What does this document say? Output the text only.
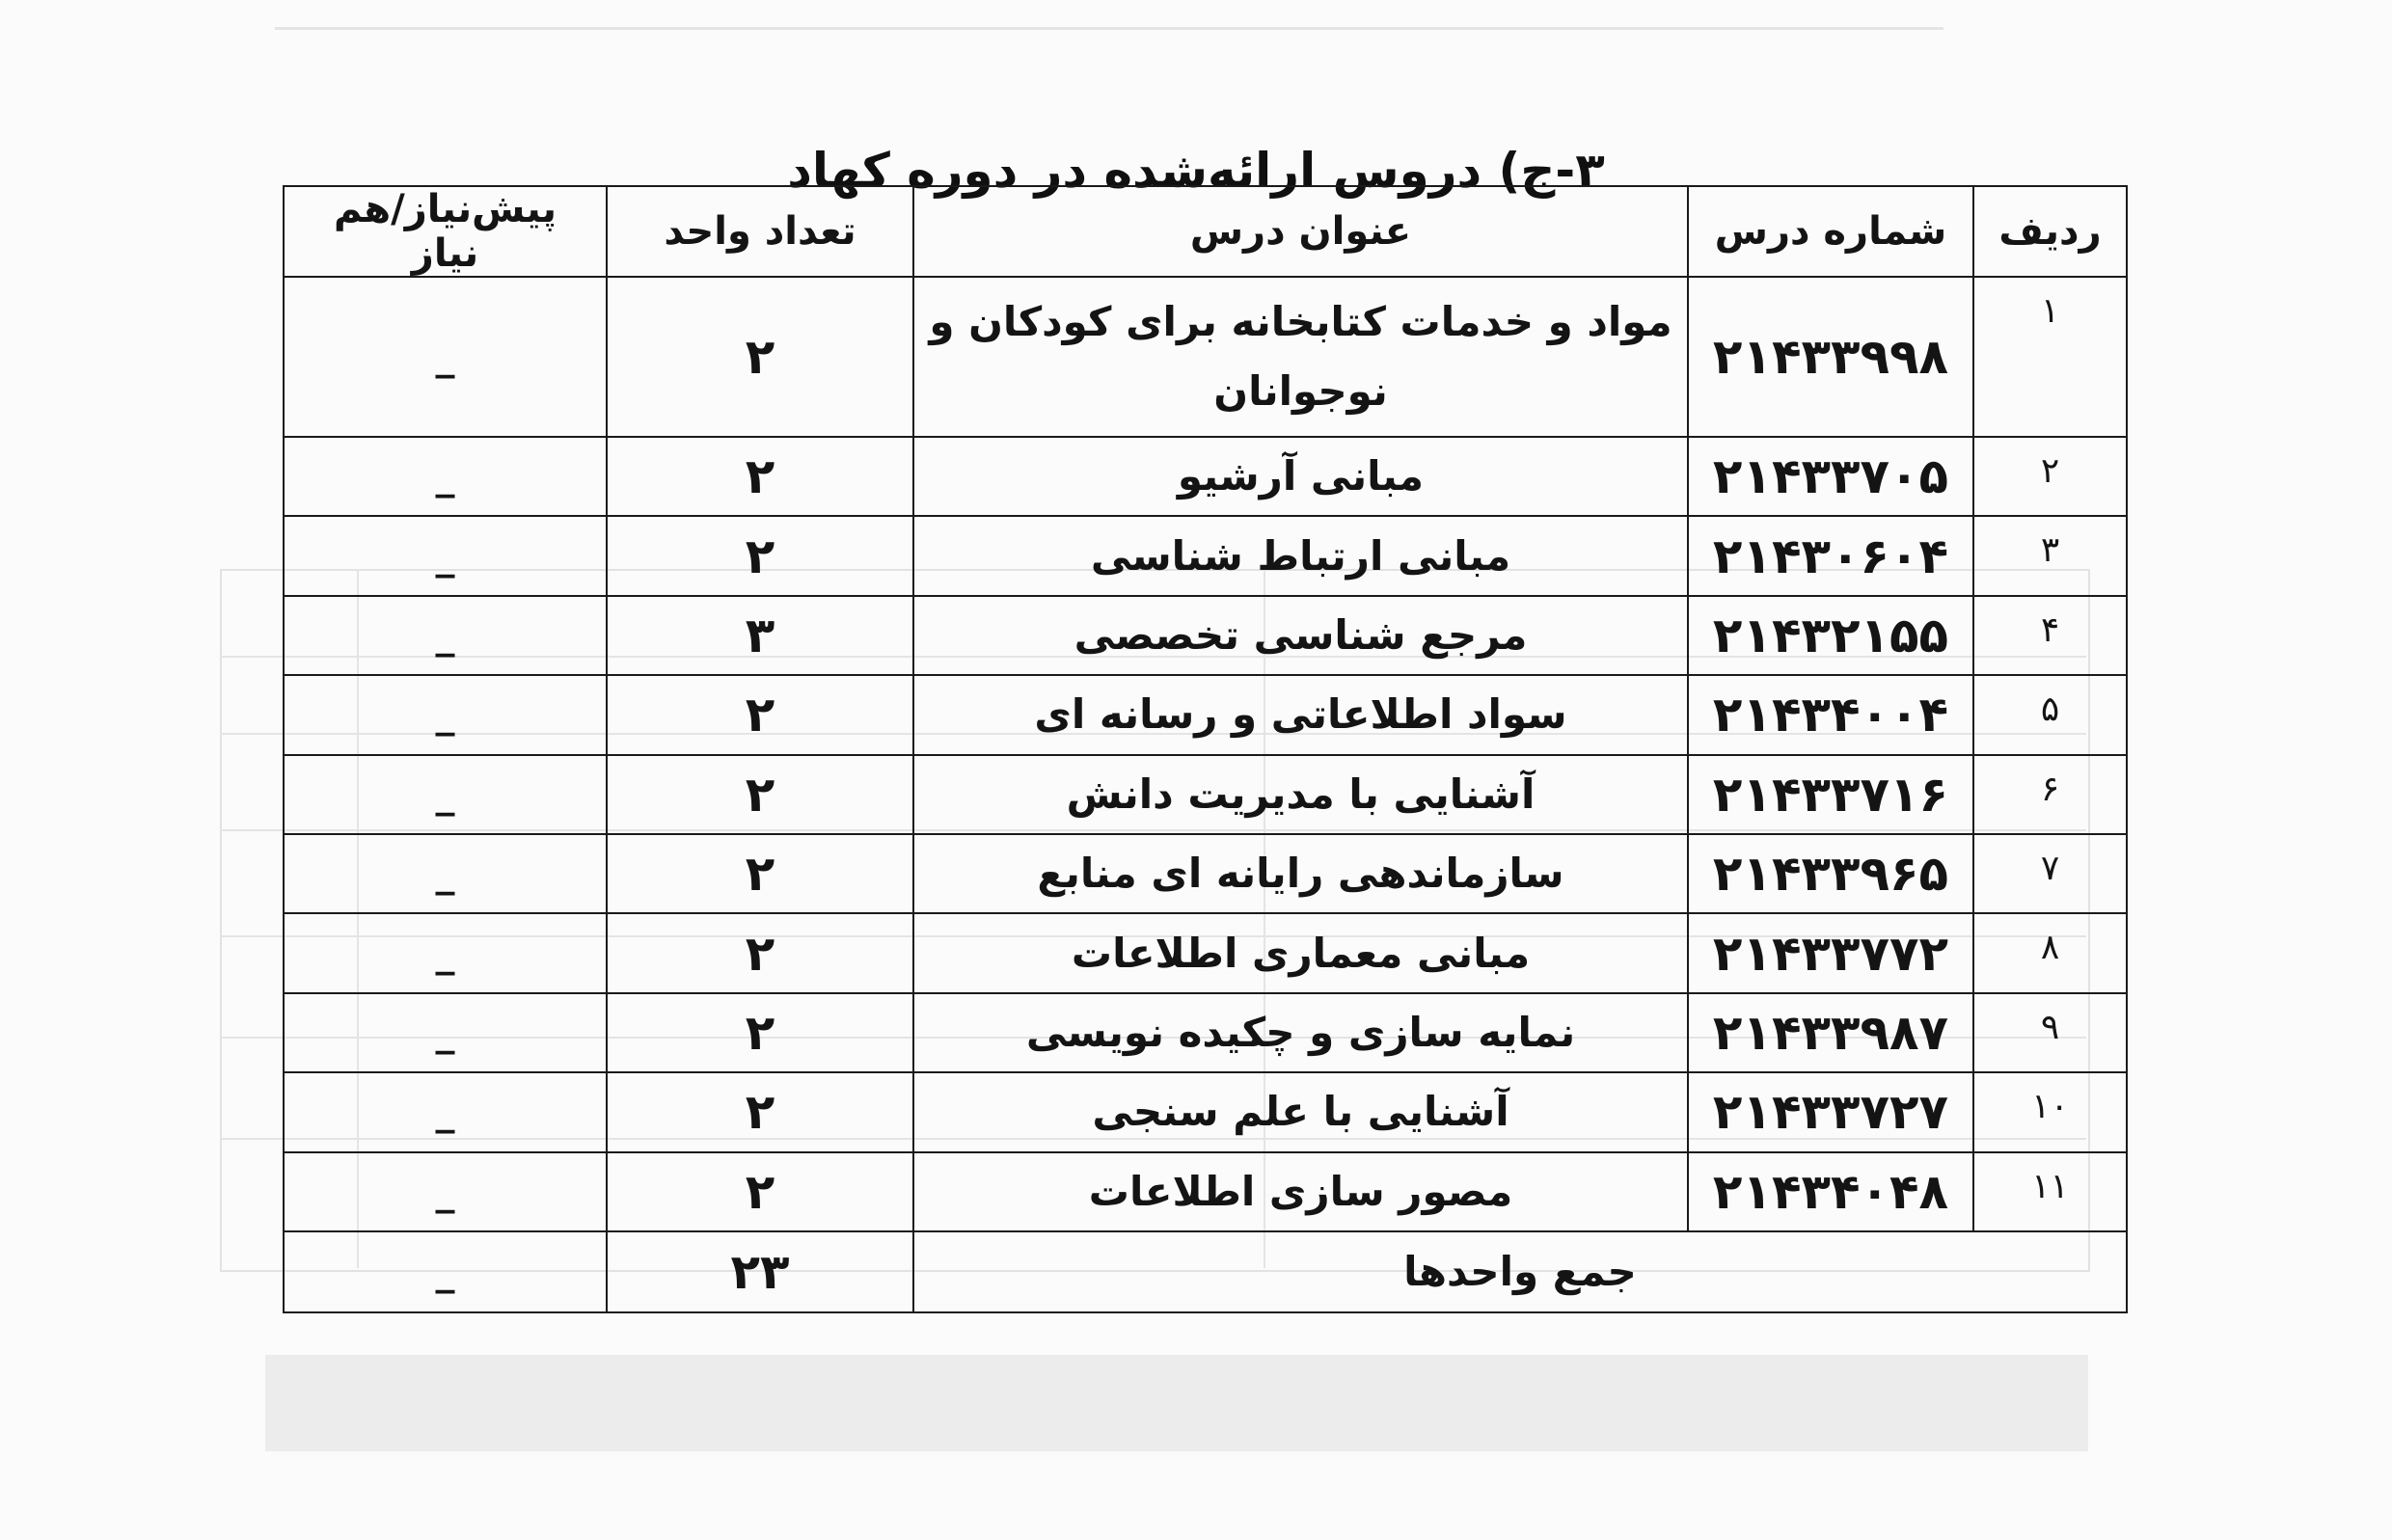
۳-ج) دروس ارائه‌شده در دوره کهاد
ردیف	شماره درس	عنوان درس	تعداد واحد	پیش‌نیاز/هم نیاز
۱	۲۱۴۳۳۹۹۸	مواد و خدمات کتابخانه برای کودکان و نوجوانان	۲	_
۲	۲۱۴۳۳۷۰۵	مبانی آرشیو	۲	_
۳	۲۱۴۳۰۶۰۴	مبانی ارتباط شناسی	۲	_
۴	۲۱۴۳۲۱۵۵	مرجع شناسی تخصصی	۳	_
۵	۲۱۴۳۴۰۰۴	سواد اطلاعاتی و رسانه ای	۲	_
۶	۲۱۴۳۳۷۱۶	آشنایی با مدیریت دانش	۲	_
۷	۲۱۴۳۳۹۶۵	سازماندهی رایانه ای منابع	۲	_
۸	۲۱۴۳۳۷۷۲	مبانی معماری اطلاعات	۲	_
۹	۲۱۴۳۳۹۸۷	نمایه سازی و چکیده نویسی	۲	_
۱۰	۲۱۴۳۳۷۲۷	آشنایی با علم سنجی	۲	_
۱۱	۲۱۴۳۴۰۴۸	مصور سازی اطلاعات	۲	_
جمع واحدها			۲۳	_
